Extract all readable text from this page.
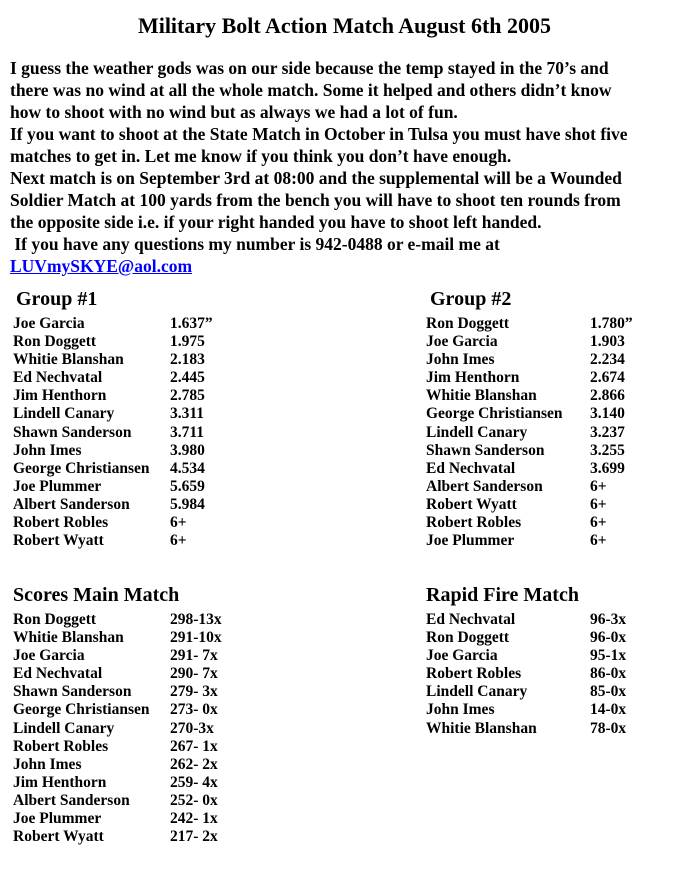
Military Bolt Action Match August 6th 2005
I guess the weather gods was on our side because the temp stayed in the 70’s and
there was no wind at all the whole match. Some it helped and others didn’t know
how to shoot with no wind but as always we had a lot of fun.
If you want to shoot at the State Match in October in Tulsa you must have shot five
matches to get in. Let me know if you think you don’t have enough.
Next match is on September 3rd at 08:00 and the supplemental will be a Wounded
Soldier Match at 100 yards from the bench you will have to shoot ten rounds from
the opposite side i.e. if your right handed you have to shoot left handed.
If you have any questions my number is 942-0488 or e-mail me at
LUVmySKYE@aol.com
Group #1
Joe Garcia	1.637”
Ron Doggett	1.975
Whitie Blanshan	2.183
Ed Nechvatal	2.445
Jim Henthorn	2.785
Lindell Canary	3.311
Shawn Sanderson	3.711
John Imes	3.980
George Christiansen	4.534
Joe Plummer	5.659
Albert Sanderson	5.984
Robert Robles	6+
Robert Wyatt	6+
Group #2
Ron Doggett	1.780”
Joe Garcia	1.903
John Imes	2.234
Jim Henthorn	2.674
Whitie Blanshan	2.866
George Christiansen	3.140
Lindell Canary	3.237
Shawn Sanderson	3.255
Ed Nechvatal	3.699
Albert Sanderson	6+
Robert Wyatt	6+
Robert Robles	6+
Joe Plummer	6+
Scores Main Match
Ron Doggett	298-13x
Whitie Blanshan	291-10x
Joe Garcia	291- 7x
Ed Nechvatal	290- 7x
Shawn Sanderson	279- 3x
George Christiansen	273- 0x
Lindell Canary	270-3x
Robert Robles	267- 1x
John Imes	262- 2x
Jim Henthorn	259- 4x
Albert Sanderson	252- 0x
Joe Plummer	242- 1x
Robert Wyatt	217- 2x
Rapid Fire Match
Ed Nechvatal	96-3x
Ron Doggett	96-0x
Joe Garcia	95-1x
Robert Robles	86-0x
Lindell Canary	85-0x
John Imes	14-0x
Whitie Blanshan	78-0x
